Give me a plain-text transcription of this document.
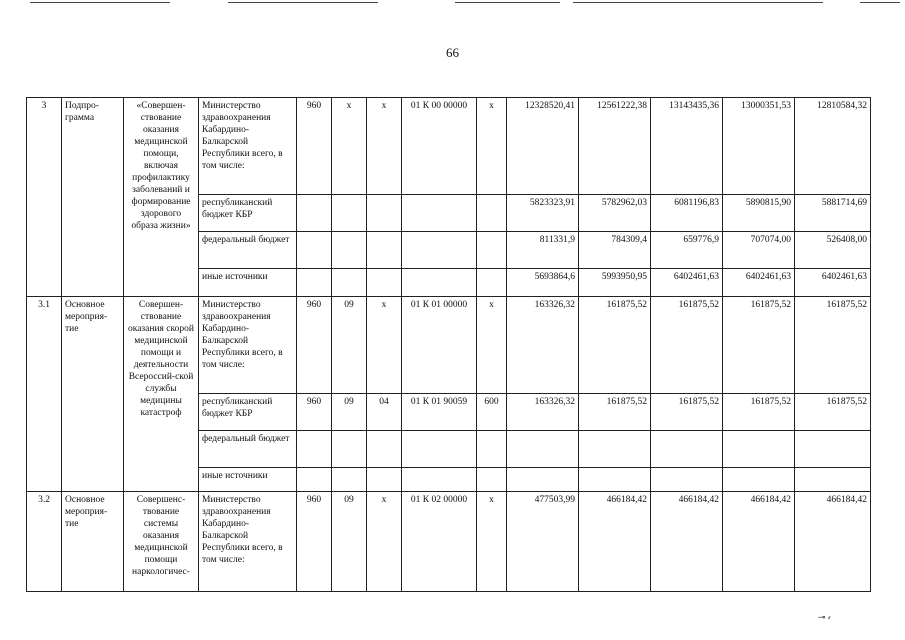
66
3	Подпро-грамма	«Совершен-ствование оказания медицинской помощи, включая профилактику заболеваний и формирование здорового образа жизни»	Министерство здравоохранения Кабардино-Балкарской Республики всего, в том числе:	960	x	x	01 К 00 00000	x	12328520,41	12561222,38	13143435,36	13000351,53	12810584,32
			республиканский бюджет КБР						5823323,91	5782962,03	6081196,83	5890815,90	5881714,69
			федеральный бюджет						811331,9	784309,4	659776,9	707074,00	526408,00
			иные источники						5693864,6	5993950,95	6402461,63	6402461,63	6402461,63
3.1	Основное мероприя-тие	Совершен-ствование оказания скорой медицинской помощи и деятельности Всероссий-ской службы медицины катастроф	Министерство здравоохранения Кабардино-Балкарской Республики всего, в том числе:	960	09	x	01 К 01 00000	x	163326,32	161875,52	161875,52	161875,52	161875,52
			республиканский бюджет КБР	960	09	04	01 К 01 90059	600	163326,32	161875,52	161875,52	161875,52	161875,52
			федеральный бюджет										
			иные источники										
3.2	Основное мероприя-тие	Совершенс-твование системы оказания медицинской помощи наркологичес-	Министерство здравоохранения Кабардино-Балкарской Республики всего, в том числе:	960	09	x	01 К 02 00000	x	477503,99	466184,42	466184,42	466184,42	466184,42
⊸ ⸗
